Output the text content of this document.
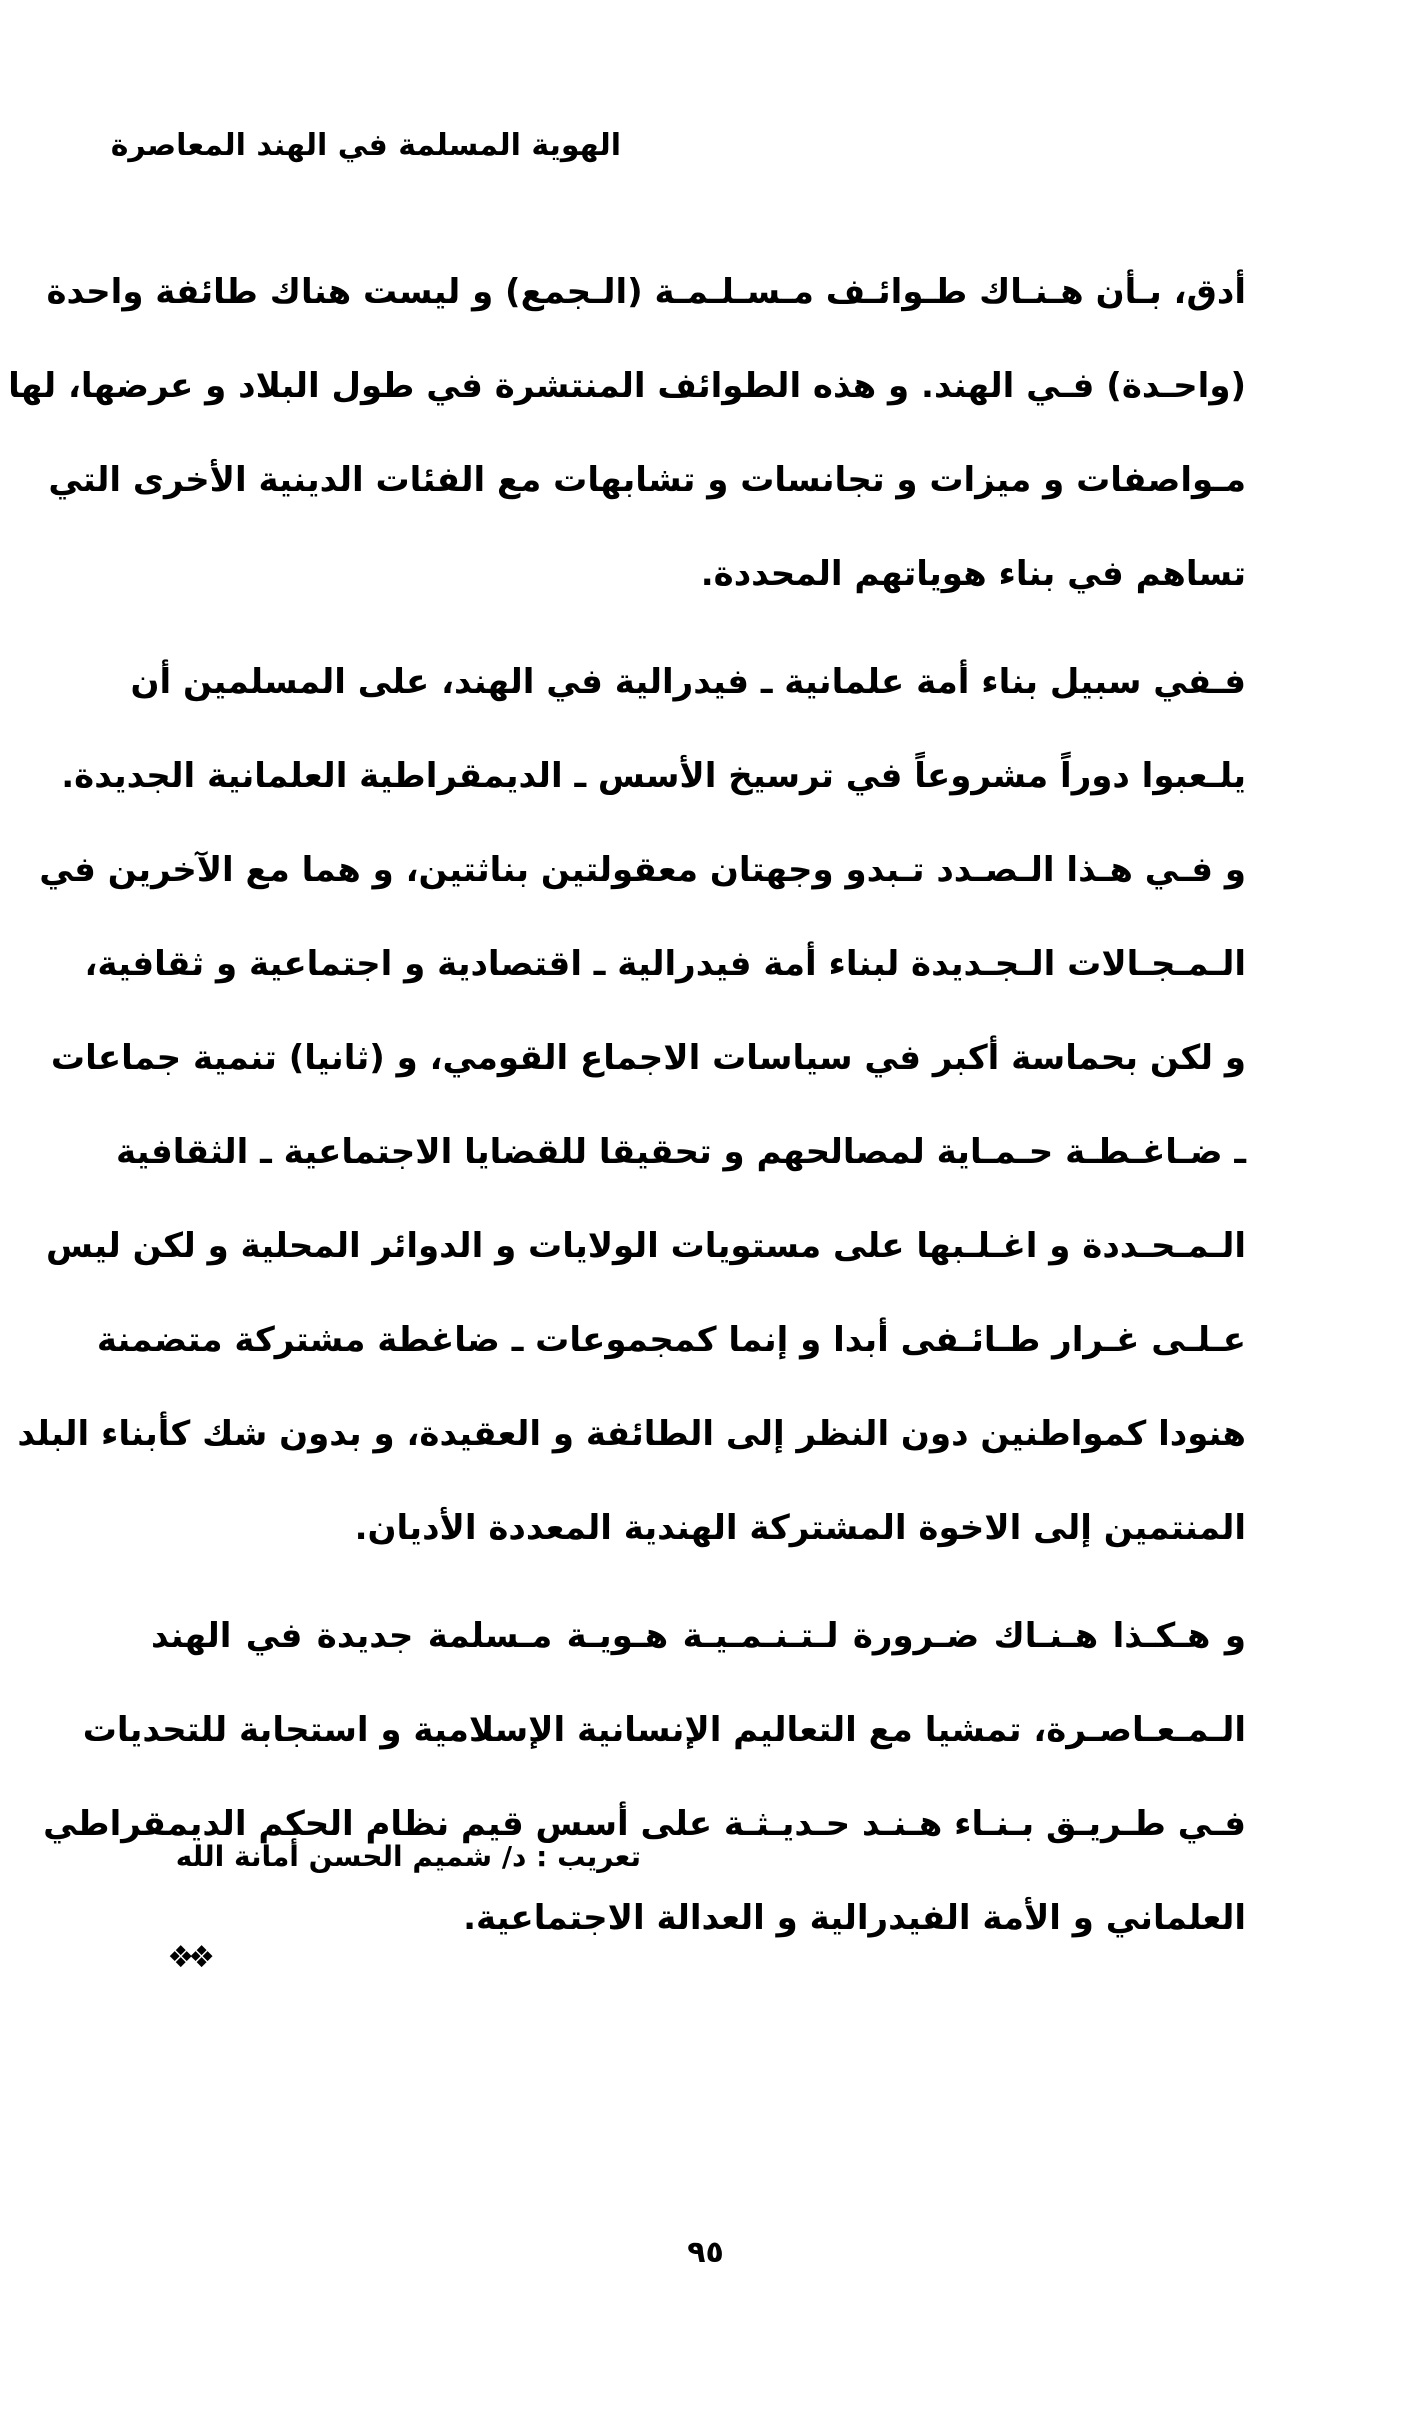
الهوية المسلمة في الهند المعاصرة

أدق، بـأن هـنـاك طـوائـف مـسـلـمـة (الـجمع) و ليست هناك طائفة واحدة
(واحـدة) فـي الهند. و هذه الطوائف المنتشرة في طول البلاد و عرضها، لها
مـواصفات و ميزات و تجانسات و تشابهات مع الفئات الدينية الأخرى التي
تساهم في بناء هوياتهم المحددة.

فـفي سبيل بناء أمة علمانية ـ فيدرالية في الهند، على المسلمين أن
يلـعبوا دوراً مشروعاً في ترسيخ الأسس ـ الديمقراطية العلمانية الجديدة.
و فـي هـذا الـصـدد تـبدو وجهتان معقولتين بناثتين، و هما مع الآخرين في
الـمـجـالات الـجـديدة لبناء أمة فيدرالية ـ اقتصادية و اجتماعية و ثقافية،
و لكن بحماسة أكبر في سياسات الاجماع القومي، و (ثانيا) تنمية جماعات
ـ ضـاغـطـة حـمـاية لمصالحهم و تحقيقا للقضايا الاجتماعية ـ الثقافية
الـمـحـددة و اغـلـبها على مستويات الولايات و الدوائر المحلية و لكن ليس
عـلـى غـرار طـائـفى أبدا و إنما كمجموعات ـ ضاغطة مشتركة متضمنة
هنودا كمواطنين دون النظر إلى الطائفة و العقيدة، و بدون شك كأبناء البلد
المنتمين إلى الاخوة المشتركة الهندية المعددة الأديان.

و هـكـذا هـنـاك ضـرورة لـتـنـمـيـة هـويـة مـسلمة جديدة في الهند
الـمـعـاصـرة، تمشيا مع التعاليم الإنسانية الإسلامية و استجابة للتحديات
فـي طـريـق بـنـاء هـنـد حـديـثـة على أسس قيم نظام الحكم الديمقراطي
العلماني و الأمة الفيدرالية و العدالة الاجتماعية.

تعريب : د/ شميم الحسن أمانة الله
❖❖
٩٥
